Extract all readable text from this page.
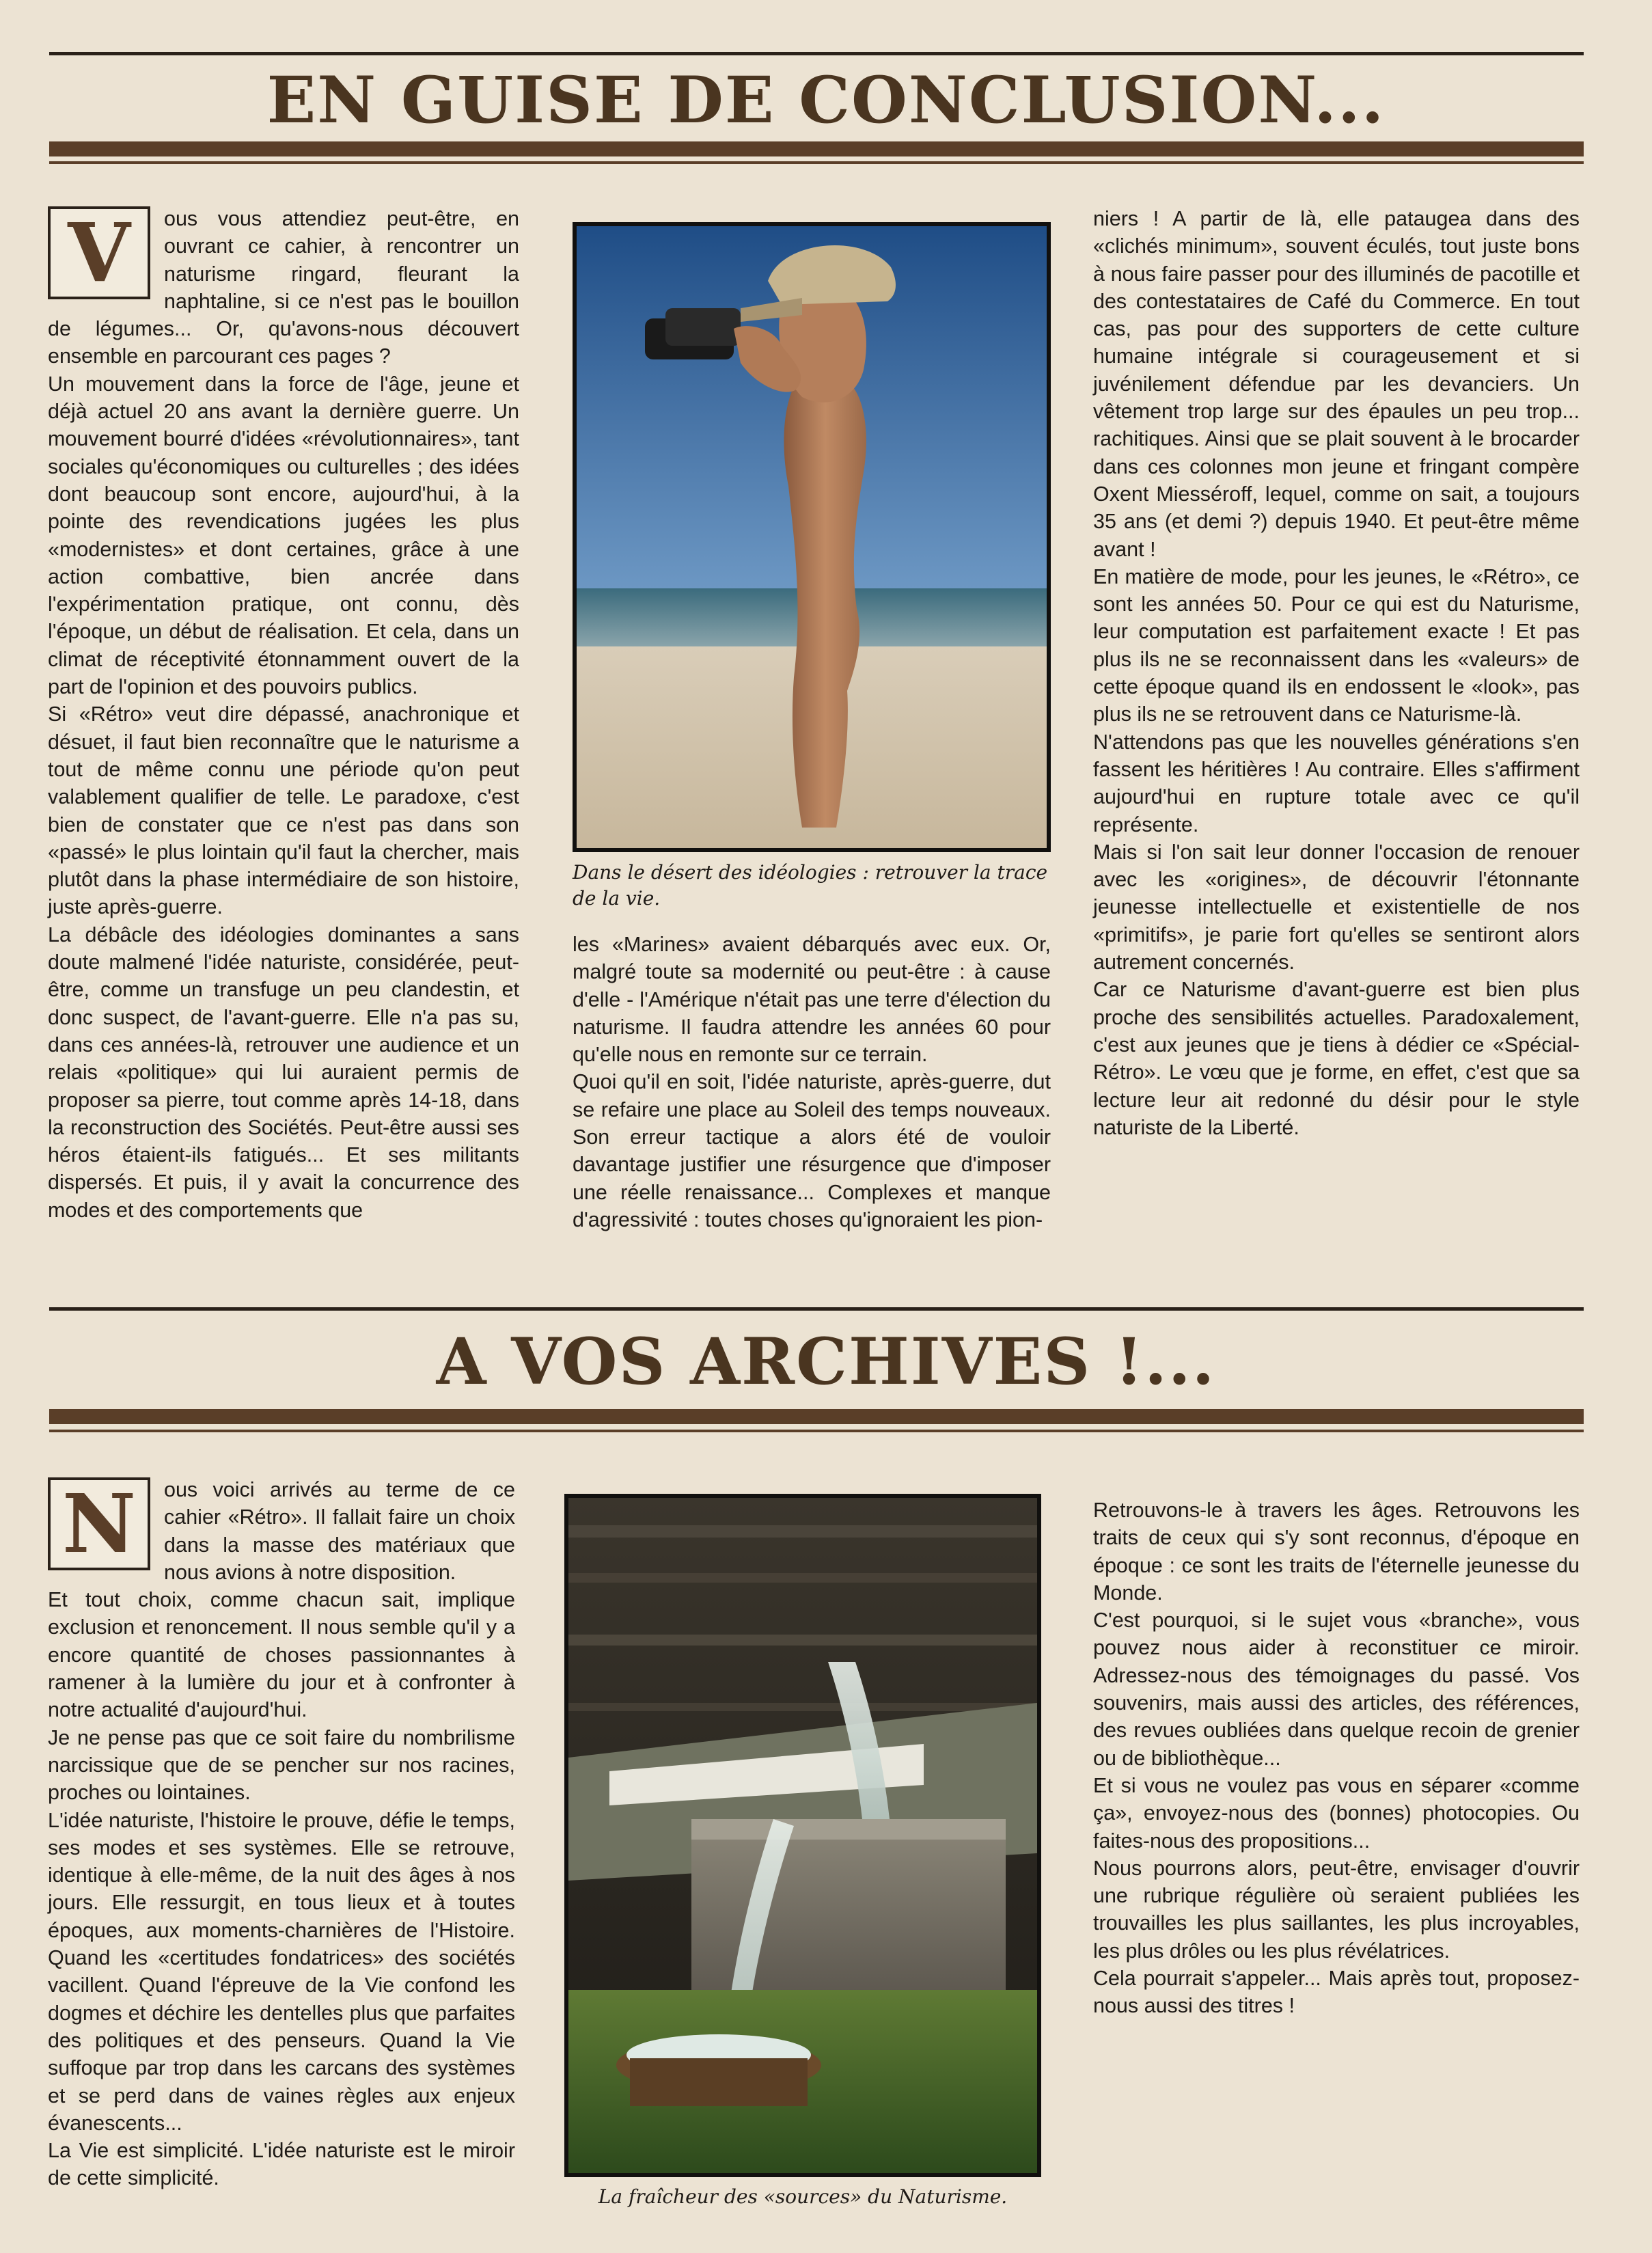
EN GUISE DE CONCLUSION...
V	ous vous attendiez peut-être, en ouvrant ce cahier, à rencontrer un naturisme ringard, fleurant la naphtaline, si ce n'est pas le bouillon de légumes... Or, qu'avons-nous découvert ensemble en parcourant ces pages ?

Un mouvement dans la force de l'âge, jeune et déjà actuel 20 ans avant la dernière guerre. Un mouvement bourré d'idées «révolutionnaires», tant sociales qu'économiques ou culturelles ; des idées dont beaucoup sont encore, aujourd'hui, à la pointe des revendications jugées les plus «modernistes» et dont certaines, grâce à une action combattive, bien ancrée dans l'expérimentation pratique, ont connu, dès l'époque, un début de réalisation. Et cela, dans un climat de réceptivité étonnamment ouvert de la part de l'opinion et des pouvoirs publics.

Si «Rétro» veut dire dépassé, anachronique et désuet, il faut bien reconnaître que le naturisme a tout de même connu une période qu'on peut valablement qualifier de telle. Le paradoxe, c'est bien de constater que ce n'est pas dans son «passé» le plus lointain qu'il faut la chercher, mais plutôt dans la phase intermédiaire de son histoire, juste après-guerre.

La débâcle des idéologies dominantes a sans doute malmené l'idée naturiste, considérée, peut-être, comme un transfuge un peu clandestin, et donc suspect, de l'avant-guerre. Elle n'a pas su, dans ces années-là, retrouver une audience et un relais «politique» qui lui auraient permis de proposer sa pierre, tout comme après 14-18, dans la reconstruction des Sociétés. Peut-être aussi ses héros étaient-ils fatigués... Et ses militants dispersés. Et puis, il y avait la concurrence des modes et des comportements que

Dans le désert des idéologies : retrouver la trace de la vie.

les «Marines» avaient débarqués avec eux. Or, malgré toute sa modernité ou peut-être : à cause d'elle - l'Amérique n'était pas une terre d'élection du naturisme. Il faudra attendre les années 60 pour qu'elle nous en remonte sur ce terrain.

Quoi qu'il en soit, l'idée naturiste, après-guerre, dut se refaire une place au Soleil des temps nouveaux. Son erreur tactique a alors été de vouloir davantage justifier une résurgence que d'imposer une réelle renaissance... Complexes et manque d'agressivité : toutes choses qu'ignoraient les pion-

niers ! A partir de là, elle pataugea dans des «clichés minimum», souvent éculés, tout juste bons à nous faire passer pour des illuminés de pacotille et des contestataires de Café du Commerce. En tout cas, pas pour des supporters de cette culture humaine intégrale si courageusement et si juvénilement défendue par les devanciers. Un vêtement trop large sur des épaules un peu trop... rachitiques. Ainsi que se plait souvent à le brocarder dans ces colonnes mon jeune et fringant compère Oxent Miesséroff, lequel, comme on sait, a toujours 35 ans (et demi ?) depuis 1940. Et peut-être même avant !

En matière de mode, pour les jeunes, le «Rétro», ce sont les années 50. Pour ce qui est du Naturisme, leur computation est parfaitement exacte ! Et pas plus ils ne se reconnaissent dans les «valeurs» de cette époque quand ils en endossent le «look», pas plus ils ne se retrouvent dans ce Naturisme-là.

N'attendons pas que les nouvelles générations s'en fassent les héritières ! Au contraire. Elles s'affirment aujourd'hui en rupture totale avec ce qu'il représente.

Mais si l'on sait leur donner l'occasion de renouer avec les «origines», de découvrir l'étonnante jeunesse intellectuelle et existentielle de nos «primitifs», je parie fort qu'elles se sentiront alors autrement concernés.

Car ce Naturisme d'avant-guerre est bien plus proche des sensibilités actuelles. Paradoxalement, c'est aux jeunes que je tiens à dédier ce «Spécial-Rétro». Le vœu que je forme, en effet, c'est que sa lecture leur ait redonné du désir pour le style naturiste de la Liberté.

A VOS ARCHIVES !...
N	ous voici arrivés au terme de ce cahier «Rétro». Il fallait faire un choix dans la masse des matériaux que nous avions à notre disposition.

Et tout choix, comme chacun sait, implique exclusion et renoncement. Il nous semble qu'il y a encore quantité de choses passionnantes à ramener à la lumière du jour et à confronter à notre actualité d'aujourd'hui.

Je ne pense pas que ce soit faire du nombrilisme narcissique que de se pencher sur nos racines, proches ou lointaines.

L'idée naturiste, l'histoire le prouve, défie le temps, ses modes et ses systèmes. Elle se retrouve, identique à elle-même, de la nuit des âges à nos jours. Elle ressurgit, en tous lieux et à toutes époques, aux moments-charnières de l'Histoire. Quand les «certitudes fondatrices» des sociétés vacillent. Quand l'épreuve de la Vie confond les dogmes et déchire les dentelles plus que parfaites des politiques et des penseurs. Quand la Vie suffoque par trop dans les carcans des systèmes et se perd dans de vaines règles aux enjeux évanescents...

La Vie est simplicité. L'idée naturiste est le miroir de cette simplicité.

La fraîcheur des «sources» du Naturisme.

Retrouvons-le à travers les âges. Retrouvons les traits de ceux qui s'y sont reconnus, d'époque en époque : ce sont les traits de l'éternelle jeunesse du Monde.

C'est pourquoi, si le sujet vous «branche», vous pouvez nous aider à reconstituer ce miroir. Adressez-nous des témoignages du passé. Vos souvenirs, mais aussi des articles, des références, des revues oubliées dans quelque recoin de grenier ou de bibliothèque...

Et si vous ne voulez pas vous en séparer «comme ça», envoyez-nous des (bonnes) photocopies. Ou faites-nous des propositions...

Nous pourrons alors, peut-être, envisager d'ouvrir une rubrique régulière où seraient publiées les trouvailles les plus saillantes, les plus incroyables, les plus drôles ou les plus révélatrices.

Cela pourrait s'appeler... Mais après tout, proposez-nous aussi des titres !
